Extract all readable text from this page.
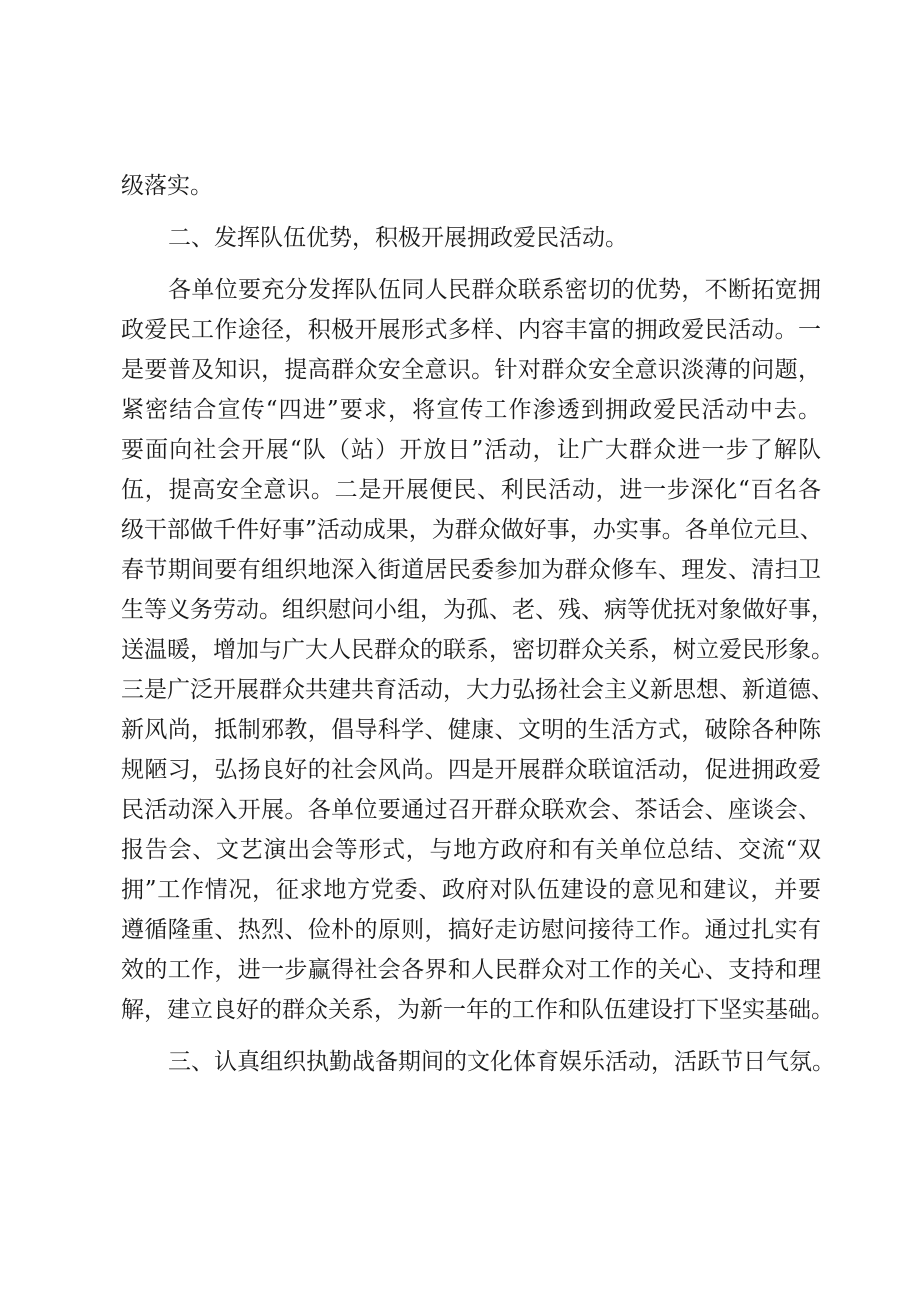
级落实。
二、发挥队伍优势，积极开展拥政爱民活动。
各单位要充分发挥队伍同人民群众联系密切的优势，不断拓宽拥
政爱民工作途径，积极开展形式多样、内容丰富的拥政爱民活动。一
是要普及知识，提高群众安全意识。针对群众安全意识淡薄的问题，
紧密结合宣传“四进”要求，将宣传工作渗透到拥政爱民活动中去。
要面向社会开展“队（站）开放日”活动，让广大群众进一步了解队
伍，提高安全意识。二是开展便民、利民活动，进一步深化“百名各
级干部做千件好事”活动成果，为群众做好事，办实事。各单位元旦、
春节期间要有组织地深入街道居民委参加为群众修车、理发、清扫卫
生等义务劳动。组织慰问小组，为孤、老、残、病等优抚对象做好事，
送温暖，增加与广大人民群众的联系，密切群众关系，树立爱民形象。
三是广泛开展群众共建共育活动，大力弘扬社会主义新思想、新道德、
新风尚，抵制邪教，倡导科学、健康、文明的生活方式，破除各种陈
规陋习，弘扬良好的社会风尚。四是开展群众联谊活动，促进拥政爱
民活动深入开展。各单位要通过召开群众联欢会、茶话会、座谈会、
报告会、文艺演出会等形式，与地方政府和有关单位总结、交流“双
拥”工作情况，征求地方党委、政府对队伍建设的意见和建议，并要
遵循隆重、热烈、俭朴的原则，搞好走访慰问接待工作。通过扎实有
效的工作，进一步赢得社会各界和人民群众对工作的关心、支持和理
解，建立良好的群众关系，为新一年的工作和队伍建设打下坚实基础。
三、认真组织执勤战备期间的文化体育娱乐活动，活跃节日气氛。
